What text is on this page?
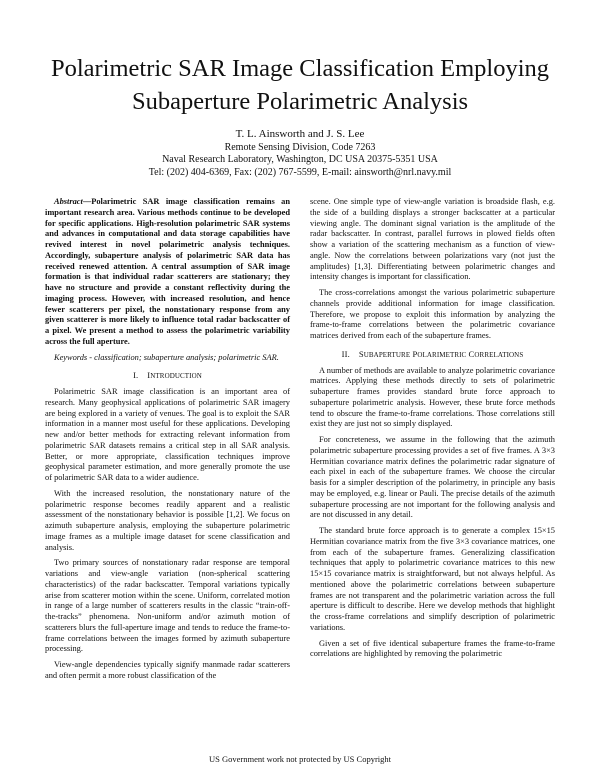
Polarimetric SAR Image Classification Employing Subaperture Polarimetric Analysis
T. L. Ainsworth and J. S. Lee
Remote Sensing Division, Code 7263
Naval Research Laboratory, Washington, DC USA 20375-5351 USA
Tel: (202) 404-6369, Fax: (202) 767-5599, E-mail: ainsworth@nrl.navy.mil

Abstract—Polarimetric SAR image classification remains an important research area. Various methods continue to be developed for specific applications. High-resolution polarimetric SAR systems and advances in computational and data storage capabilities have revived interest in novel polarimetric analysis techniques. Accordingly, subaperture analysis of polarimetric SAR data has received renewed attention. A central assumption of SAR image formation is that individual radar scatterers are stationary; they have no structure and provide a constant reflectivity during the imaging process. However, with increased resolution, and hence fewer scatterers per pixel, the nonstationary response from any given scatterer is more likely to influence total radar backscatter of a pixel. We present a method to assess the polarimetric variability across the full aperture.

Keywords - classification; subaperture analysis; polarimetric SAR.

I. INTRODUCTION

Polarimetric SAR image classification is an important area of research. Many geophysical applications of polarimetric SAR imagery are being explored in a variety of venues. The goal is to exploit the SAR information in a manner most useful for these applications. Developing new and/or better methods for extracting relevant information from polarimetric SAR datasets remains a critical step in all SAR analysis. Better, or more appropriate, classification techniques improve geophysical parameter estimation, and more generally promote the use of polarimetric SAR data to a wider audience.

With the increased resolution, the nonstationary nature of the polarimetric response becomes readily apparent and a realistic assessment of the nonstationary behavior is possible [1,2]. We focus on azimuth subaperture analysis, employing the subaperture polarimetric image frames as a multiple image dataset for scene classification and analysis.

Two primary sources of nonstationary radar response are temporal variations and view-angle variation (non-spherical scattering characteristics) of the radar backscatter. Temporal variations typically arise from scatterer motion within the scene. Uniform, correlated motion in range of a large number of scatterers results in the classic “train-off-the-tracks” phenomena. Non-uniform and/or azimuth motion of scatterers blurs the full-aperture image and tends to reduce the frame-to-frame correlations between the images formed by azimuth subaperture processing.

View-angle dependencies typically signify manmade radar scatterers and often permit a more robust classification of the

scene. One simple type of view-angle variation is broadside flash, e.g. the side of a building displays a stronger backscatter at a particular viewing angle. The dominant signal variation is the amplitude of the radar backscatter. In contrast, parallel furrows in plowed fields often show a variation of the scattering mechanism as a function of view-angle. Now the correlations between polarizations vary (not just the amplitudes) [1,3]. Differentiating between polarimetric changes and intensity changes is important for classification.

The cross-correlations amongst the various polarimetric subaperture channels provide additional information for image classification. Therefore, we propose to exploit this information by analyzing the frame-to-frame correlations between the polarimetric covariance matrices derived from each of the subaperture frames.

II. SUBAPERTURE POLARIMETRIC CORRELATIONS

A number of methods are available to analyze polarimetric covariance matrices. Applying these methods directly to sets of polarimetric subaperture frames provides standard brute force approach to subaperture polarimetric analysis. However, these brute force methods tend to obscure the frame-to-frame correlations. Those correlations still exist they are just not so simply displayed.

For concreteness, we assume in the following that the azimuth polarimetric subaperture processing provides a set of five frames. A 3×3 Hermitian covariance matrix defines the polarimetric radar signature of each pixel in each of the subaperture frames. We choose the circular basis for a simpler description of the polarimetry, in principle any basis may be employed, e.g. linear or Pauli. The precise details of the azimuth subaperture processing are not important for the following analysis and are not discussed in any detail.

The standard brute force approach is to generate a complex 15×15 Hermitian covariance matrix from the five 3×3 covariance matrices, one from each of the subaperture frames. Generalizing classification techniques that apply to polarimetric covariance matrices to this new 15×15 covariance matrix is straightforward, but not always helpful. As mentioned above the polarimetric correlations between subaperture frames are not transparent and the polarimetric variation across the full aperture is difficult to describe. Here we develop methods that highlight the cross-frame correlations and simplify description of polarimetric variations.

Given a set of five identical subaperture frames the frame-to-frame correlations are highlighted by removing the polarimetric

US Government work not protected by US Copyright
